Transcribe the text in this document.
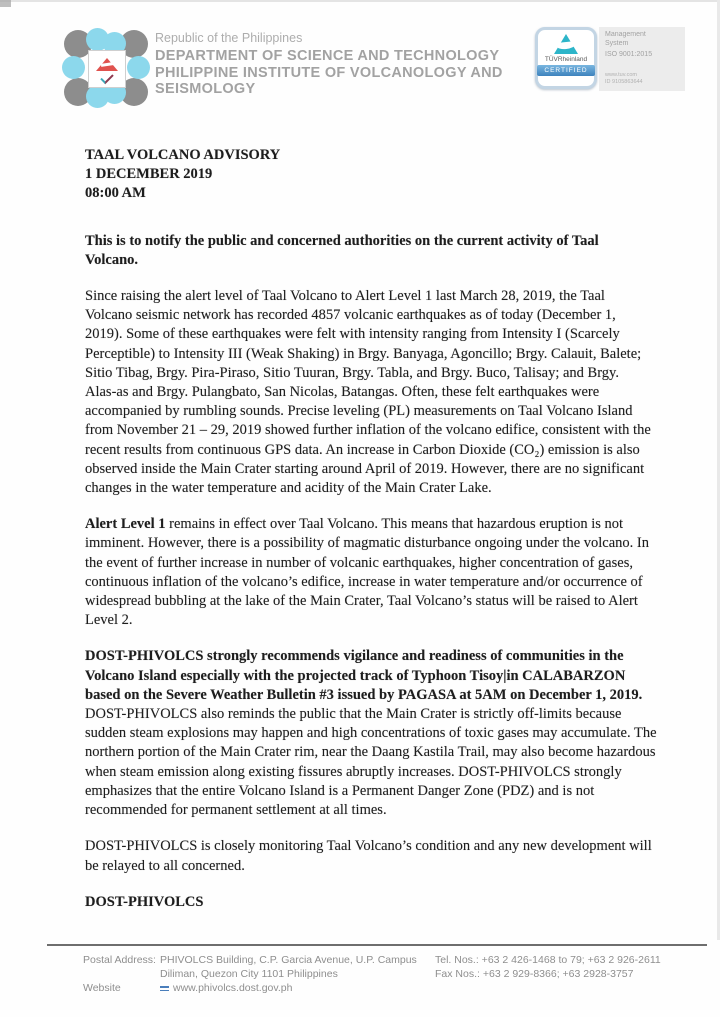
Republic of the Philippines
DEPARTMENT OF SCIENCE AND TECHNOLOGY
PHILIPPINE INSTITUTE OF VOLCANOLOGY AND
SEISMOLOGY
TÜVRheinland
CERTIFIED
Management
System
ISO 9001:2015
www.tuv.com
ID 9105863644
TAAL VOLCANO ADVISORY
1 DECEMBER 2019
08:00 AM
This is to notify the public and concerned authorities on the current activity of Taal
Volcano.
Since raising the alert level of Taal Volcano to Alert Level 1 last March 28, 2019, the Taal
Volcano seismic network has recorded 4857 volcanic earthquakes as of today (December 1,
2019). Some of these earthquakes were felt with intensity ranging from Intensity I (Scarcely
Perceptible) to Intensity III (Weak Shaking) in Brgy. Banyaga, Agoncillo; Brgy. Calauit, Balete;
Sitio Tibag, Brgy. Pira-Piraso, Sitio Tuuran, Brgy. Tabla, and Brgy. Buco, Talisay; and Brgy.
Alas-as and Brgy. Pulangbato, San Nicolas, Batangas. Often, these felt earthquakes were
accompanied by rumbling sounds. Precise leveling (PL) measurements on Taal Volcano Island
from November 21 – 29, 2019 showed further inflation of the volcano edifice, consistent with the
recent results from continuous GPS data. An increase in Carbon Dioxide (CO₂) emission is also
observed inside the Main Crater starting around April of 2019. However, there are no significant
changes in the water temperature and acidity of the Main Crater Lake.
Alert Level 1 remains in effect over Taal Volcano. This means that hazardous eruption is not
imminent. However, there is a possibility of magmatic disturbance ongoing under the volcano. In
the event of further increase in number of volcanic earthquakes, higher concentration of gases,
continuous inflation of the volcano’s edifice, increase in water temperature and/or occurrence of
widespread bubbling at the lake of the Main Crater, Taal Volcano’s status will be raised to Alert
Level 2.
DOST-PHIVOLCS strongly recommends vigilance and readiness of communities in the
Volcano Island especially with the projected track of Typhoon Tisoy|in CALABARZON
based on the Severe Weather Bulletin #3 issued by PAGASA at 5AM on December 1, 2019.
DOST-PHIVOLCS also reminds the public that the Main Crater is strictly off-limits because
sudden steam explosions may happen and high concentrations of toxic gases may accumulate. The
northern portion of the Main Crater rim, near the Daang Kastila Trail, may also become hazardous
when steam emission along existing fissures abruptly increases. DOST-PHIVOLCS strongly
emphasizes that the entire Volcano Island is a Permanent Danger Zone (PDZ) and is not
recommended for permanent settlement at all times.
DOST-PHIVOLCS is closely monitoring Taal Volcano’s condition and any new development will
be relayed to all concerned.
DOST-PHIVOLCS
Postal Address: PHIVOLCS Building, C.P. Garcia Avenue, U.P. Campus
Diliman, Quezon City 1101 Philippines
Website	www.phivolcs.dost.gov.ph
Tel. Nos.: +63 2 426-1468 to 79; +63 2 926-2611
Fax Nos.: +63 2 929-8366; +63 2928-3757
